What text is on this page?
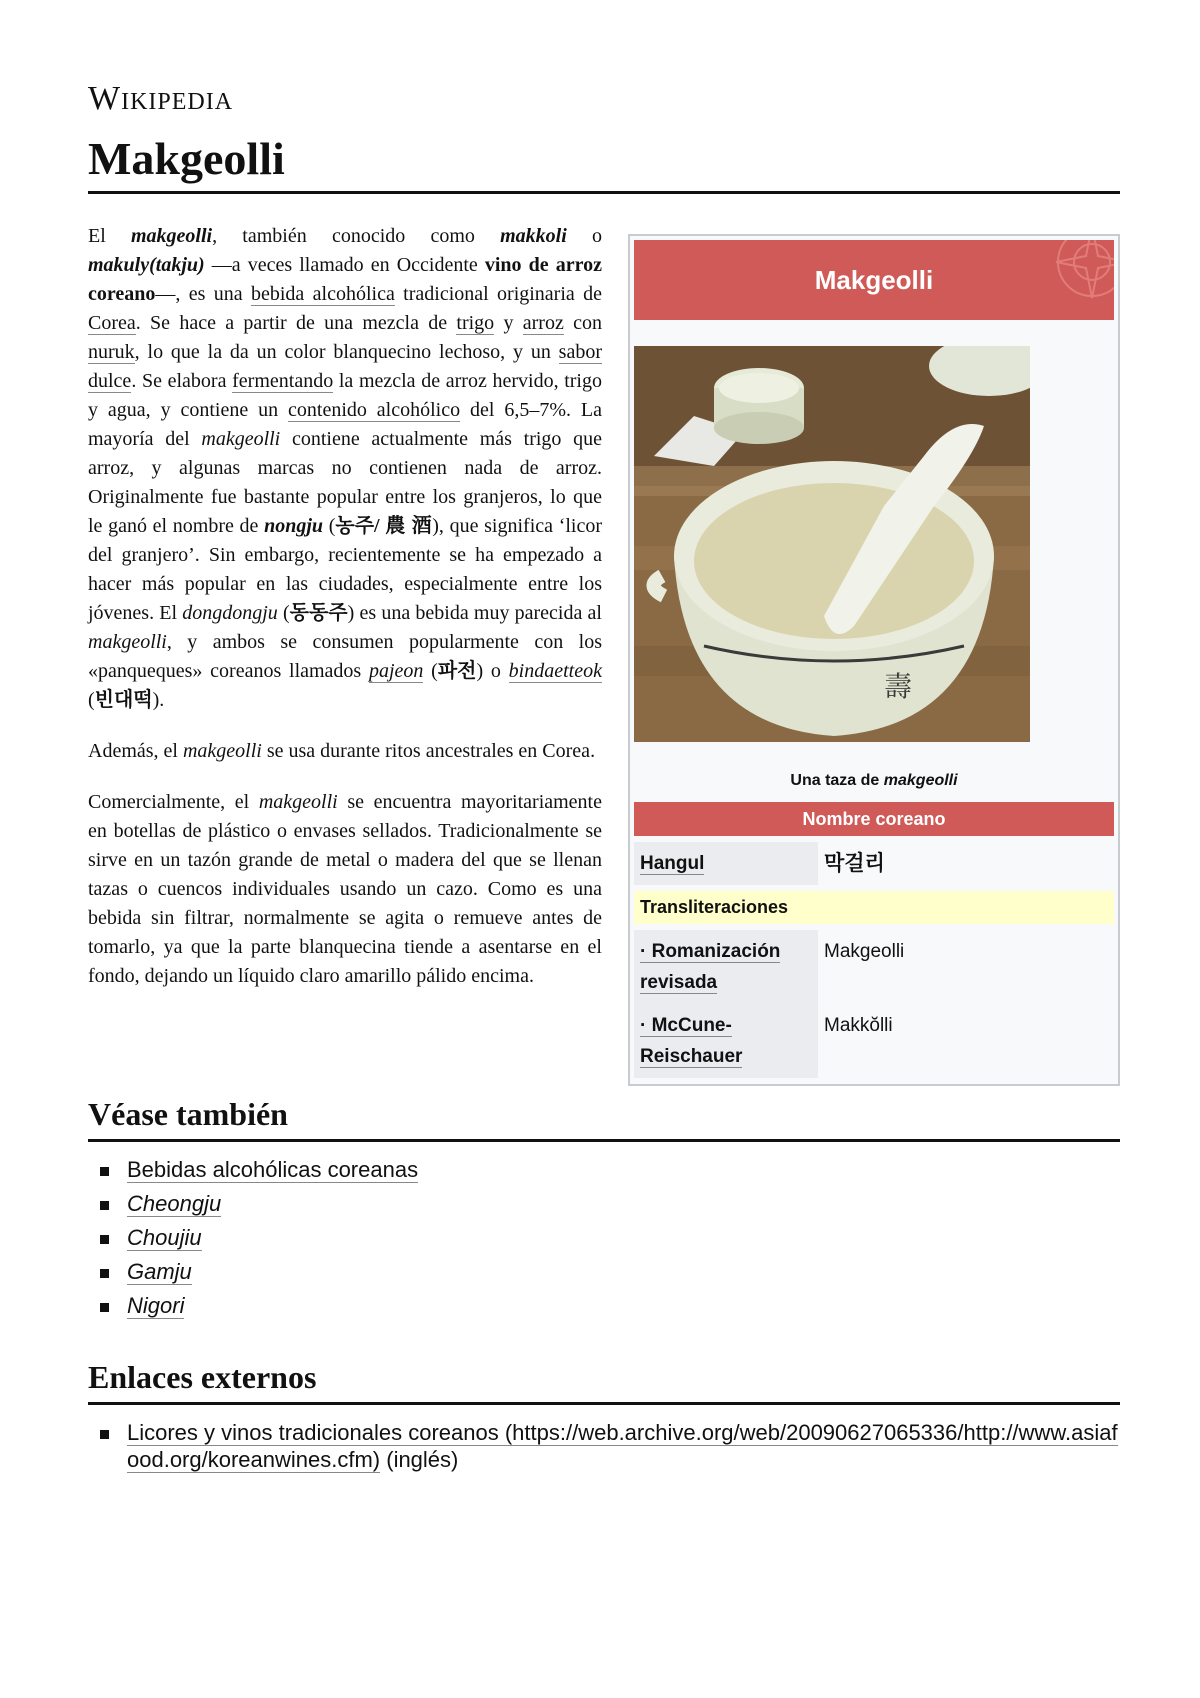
Wikipedia
Makgeolli
Makgeolli
壽
Una taza de makgeolli
Nombre coreano
Hangul	막걸리
Transliteraciones
· Romanización revisada
Makgeolli
· McCune-Reischauer
Makkŏlli

El makgeolli, también conocido como makkoli o makuly(takju) —a veces llamado en Occidente vino de arroz coreano—, es una bebida alcohólica tradicional originaria de Corea. Se hace a partir de una mezcla de trigo y arroz con nuruk, lo que la da un color blanquecino lechoso, y un sabor dulce. Se elabora fermentando la mezcla de arroz hervido, trigo y agua, y contiene un contenido alcohólico del 6,5–7%. La mayoría del makgeolli contiene actualmente más trigo que arroz, y algunas marcas no contienen nada de arroz. Originalmente fue bastante popular entre los granjeros, lo que le ganó el nombre de nongju (농주/ 農 酒), que significa ‘licor del granjero’. Sin embargo, recientemente se ha empezado a hacer más popular en las ciudades, especialmente entre los jóvenes. El dongdongju (동동주) es una bebida muy parecida al makgeolli, y ambos se consumen popularmente con los «panqueques» coreanos llamados pajeon (파전) o bindaetteok (빈대떡).

Además, el makgeolli se usa durante ritos ancestrales en Corea.

Comercialmente, el makgeolli se encuentra mayoritariamente en botellas de plástico o envases sellados. Tradicionalmente se sirve en un tazón grande de metal o madera del que se llenan tazas o cuencos individuales usando un cazo. Como es una bebida sin filtrar, normalmente se agita o remueve antes de tomarlo, ya que la parte blanquecina tiende a asentarse en el fondo, dejando un líquido claro amarillo pálido encima.

Véase también
Bebidas alcohólicas coreanas
Cheongju
Choujiu
Gamju
Nigori
Enlaces externos
Licores y vinos tradicionales coreanos (https://web.archive.org/web/20090627065336/http://www.asiafood.org/koreanwines.cfm) (inglés)
